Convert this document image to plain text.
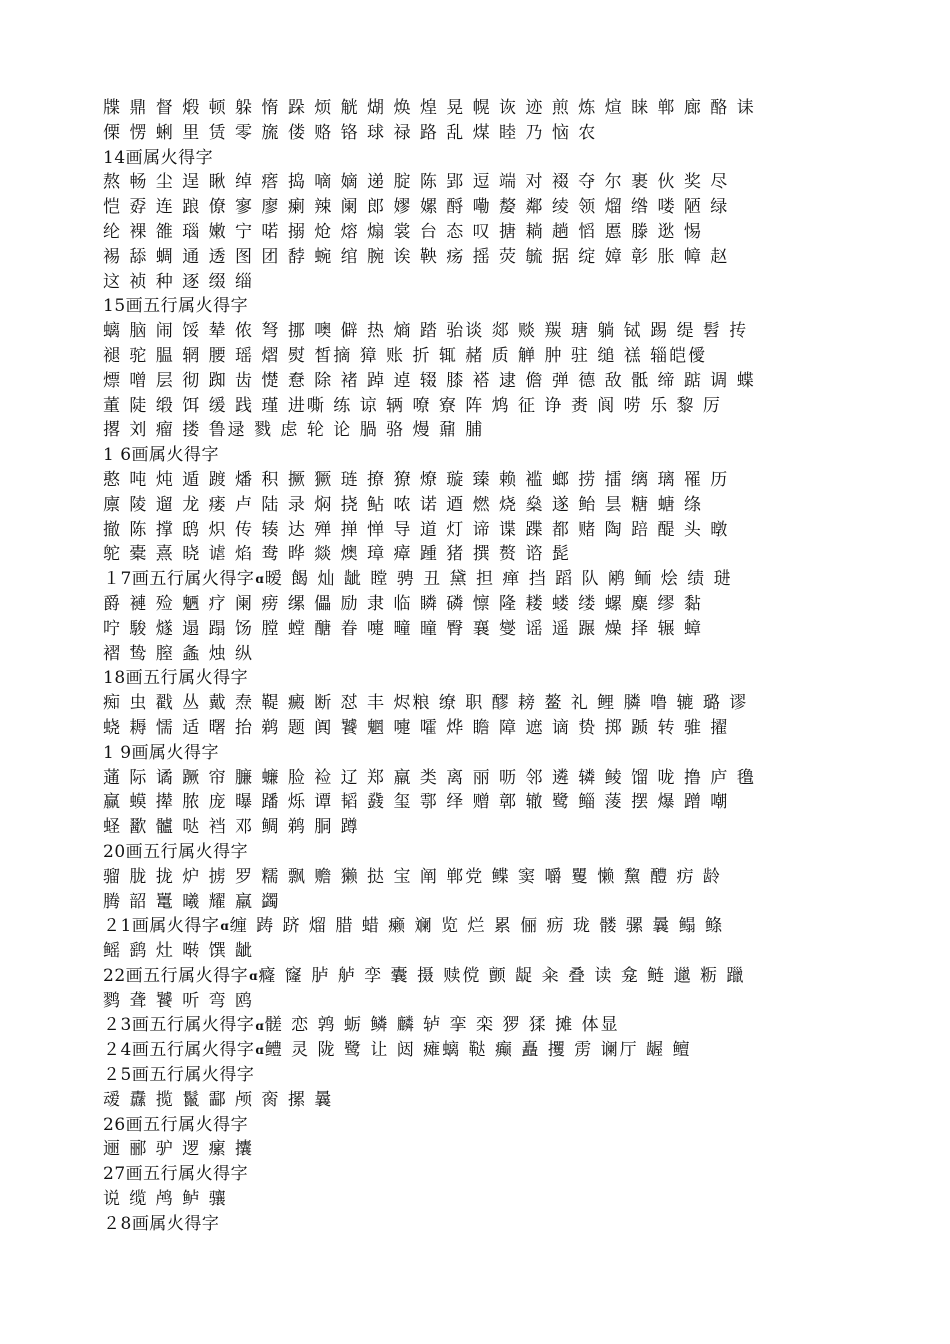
牒 鼎 督 煅 顿 躲 惰 跺 烦 觥 煳 焕 煌 晃 幌 诙 迹 煎 炼 煊 睐 郸 廊 酪 诔
傈 愣 蜊 里 赁 零 旒 偻 赂 铬 球 禄 路 乱 煤 睦 乃 恼 农
14画属火得字
熬 畅 尘 逞 瞅 绰 瘩 捣 嘀 嫡 递 腚 陈 郢 逗 端 对 裰 夺 尔 裹 伙 奖 尽
恺 孬 连 踉 僚 寥 廖 瘌 辣 阑 郎 嫪 嫘 酹 嘞 嫠 鄰 绫 领 熘 绺 喽 陋 绿
纶 裸 雒 瑙 嫩 宁 喏 搦 炝 熔 煽 裳 台 态 叹 搪 耥 趟 慆 慝 滕 逖 惕
裼 舔 蜩 通 透 图 团 馞 蜿 绾 腕 诶 鞅 疡 摇 荧 毓 据 绽 嫜 彰 胀 幛 赵
这 祯 种 逐 缀 缁
15画五行属火得字
螭 脑 闹 馁 辇 侬 弩 挪 噢 僻 热 熵 踏 骀谈 郯 赕 羰 瑭 躺 铽 踢 缇 髫 抟
褪 驼 腽 辋 腰 瑶 熠 熨 皙摘 獐 账 折 辄 赭 质 觯 肿 驻 缒 禚 辎皑僾
熛 噌 层 彻 踟 齿 憷 憃 除 褚 踔 逴 辍 膝 褡 逮 儋 弹 德 敌 骶 缔 踮 调 蝶
董 陡 缎 饵 缓 践 瑾 进嘶 练 谅 辆 嘹 寮 阵 鸩 征 诤 赉 阆 唠 乐 黎 厉
撂 刘 瘤 搂 鲁逯 戮 虑 轮 论 腡 骆 熳 鼐 脯
1 6画属火得字
憨 吨 炖 遁 踱 燔 积 撅 獗 琏 撩 獠 燎 璇 臻 赖 褴 螂 捞 擂 缡 璃 罹 历
廪 陵 遛 龙 瘘 卢 陆 录 焖 挠 鲇 哝 诺 逎 燃 烧 燊 遂 鲐 昙 糖 螗 绦
撤 陈 撑 鸱 炽 传 辏 达 殚 掸 惮 导 道 灯 谛 谍 蹀 都 赌 陶 踣 醍 头 暾
鸵 橐 熹 晓 谑 焰 鸯 晔 燚 燠 璋 瘴 踵 猪 撰 赘 谘 髭
１7画五行属火得字ɑ暧 餲 灿 龇 瞠 骋 丑 黛 担 瘅 挡 蹈 队 鹇 鲕 烩 绩 琎
爵 褳 殓 魉 疗 阑 痨 缧 儡 励 隶 临 瞵 磷 懔 隆 耧 蝼 缕 螺 麋 缪 黏
咛 駿 燧 遢 蹋 饧 膛 螳 醣 眷 嚏 疃 曈 臀 襄 燮 谣 遥 蹍 燥 择 辗 蟑
褶 鸷 膣 螽 烛 纵
18画五行属火得字
痴 虫 戳 丛 戴 焘 鞮 癜 断 怼 丰 烬粮 缭 职 醪 耪 鳌 礼 鲤 膦 噜 辘 璐 谬
蛲 耨 懦 适 曙 抬 鹈 题 阗 饕 魍 嚏 嚯 烨 瞻 障 遮 谪 贽 掷 踬 转 骓 擢
1 9画属火得字
蓪 际 谲 蹶 帘 臁 蠊 脸 裣 辽 郑 羸 类 离 丽 呖 邻 遴 辚 鲮 馏 咙 撸 庐 氇
赢 蟆 撵 脓 庞 曝 蹯 烁 谭 韬 鼗 玺 鄠 绎 赠 鄣 辙 鹭 鲻 蔆 摆 爆 蹭 嘲
蛏 歠 髗 哒 裆 邓 鲷 鹈 胴 蹲
20画五行属火得字
骝 胧 拢 炉 掳 罗 糯 飘 赡 獭 挞 宝 阐 郸党 鲽 窦 嚼 矍 懒 黧 醴 疠 龄
腾 韶 鼍 曦 耀 羸 蠲
２1画属火得字ɑ缠 踌 跻 熘 腊 蜡 癞 斓 览 烂 累 俪 疬 珑 髅 骡 曩 鳎 鲦
鳐 鹞 灶 啭 馔 龇
22画五行属火得字ɑ癃 窿 胪 舻 孪 囊 摄 赎傥 颤 龊 籴 叠 读 龛 鲢 邋 粝 躐
鹨 聋 饕 听 弯 鸥
２3画五行属火得字ɑ髊 恋 鹑 蛎 鳞 麟 轳 挛 栾 猡 猱 摊 体显
２4画五行属火得字ɑ鳢 灵 陇 鹭 让 闼 瘫螭 鞑 癫 矗 攫 雳 谰厅 龌 鳣
２5画五行属火得字
叆 纛 揽 鬣 酃 颅 脔 摞 曩
26画五行属火得字
逦 郦 驴 逻 瘰 攮
27画五行属火得字
说 缆 鸬 鲈 骧
２8画属火得字
